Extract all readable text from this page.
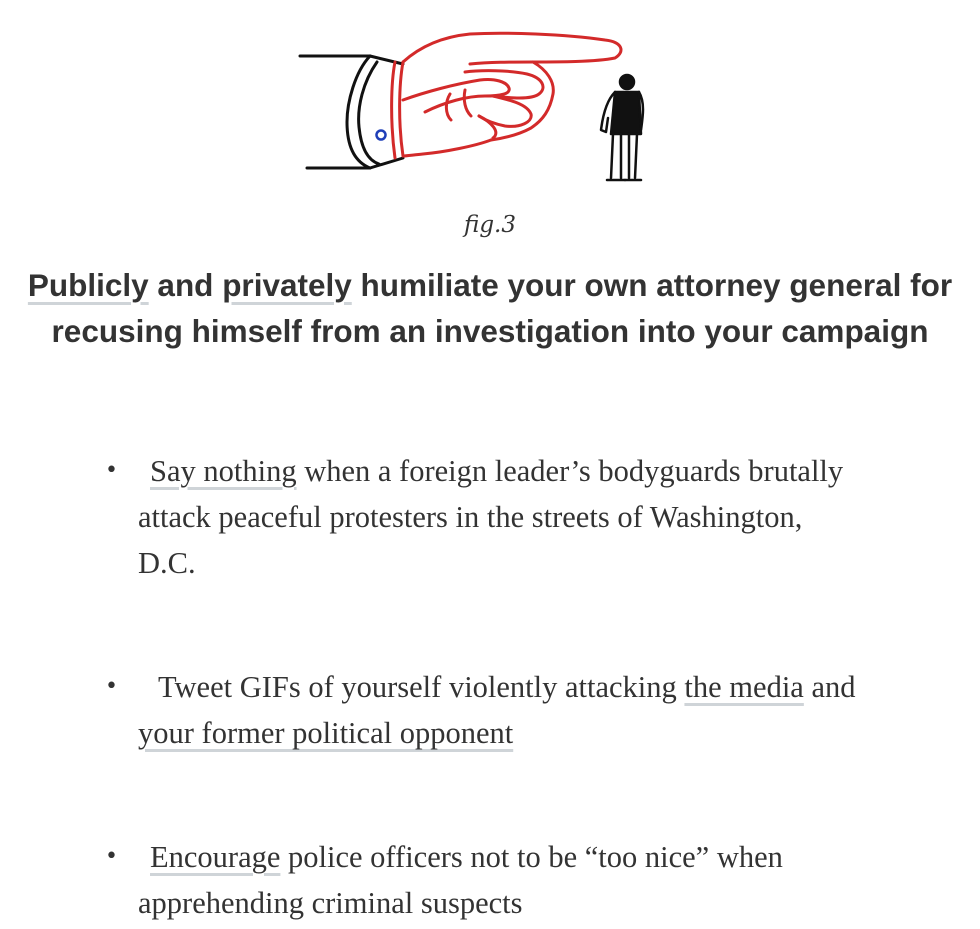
fig.3
Publicly and privately humiliate your own attorney general for recusing himself from an investigation into your campaign
• Say nothing when a foreign leader’s bodyguards brutally attack peaceful protesters in the streets of Washington, D.C.
• Tweet GIFs of yourself violently attacking the media and your former political opponent
• Encourage police officers not to be “too nice” when apprehending criminal suspects
